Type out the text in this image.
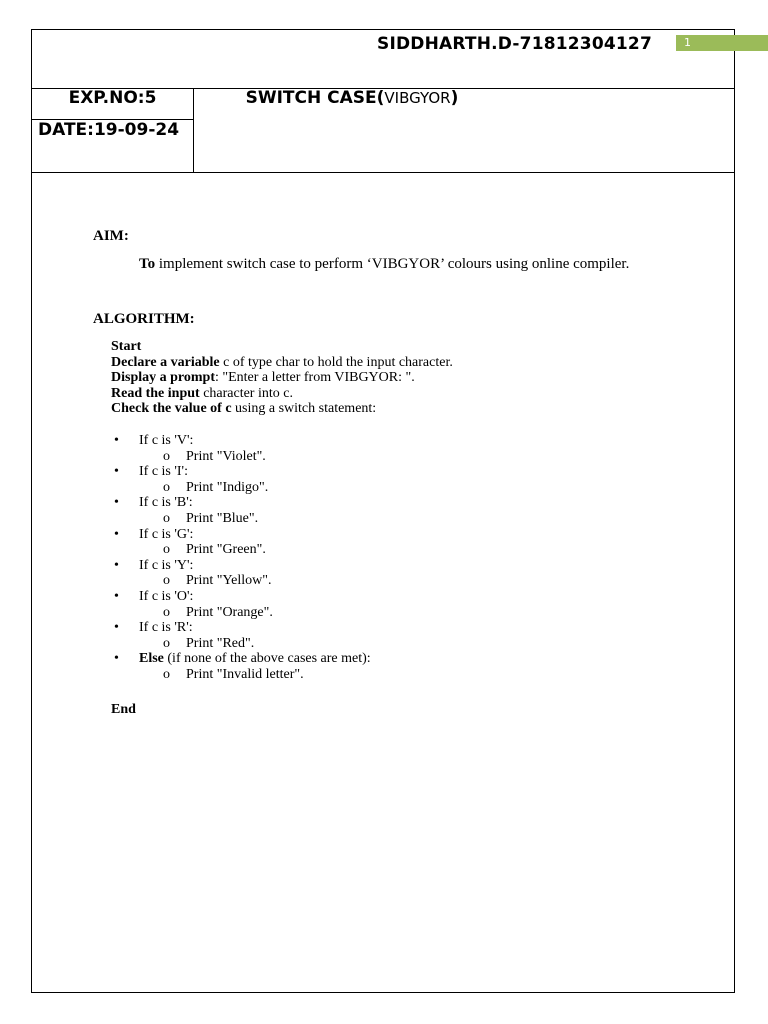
SIDDHARTH.D-71812304127	1
EXP.NO:5
DATE:19-09-24
SWITCH CASE(VIBGYOR)
AIM:
To implement switch case to perform ‘VIBGYOR’ colours using online compiler.
ALGORITHM:
Start
Declare a variable c of type char to hold the input character.
Display a prompt: "Enter a letter from VIBGYOR: ".
Read the input character into c.
Check the value of c using a switch statement:
• If c is 'V':
o Print "Violet".
• If c is 'I':
o Print "Indigo".
• If c is 'B':
o Print "Blue".
• If c is 'G':
o Print "Green".
• If c is 'Y':
o Print "Yellow".
• If c is 'O':
o Print "Orange".
• If c is 'R':
o Print "Red".
• Else (if none of the above cases are met):
o Print "Invalid letter".
End
